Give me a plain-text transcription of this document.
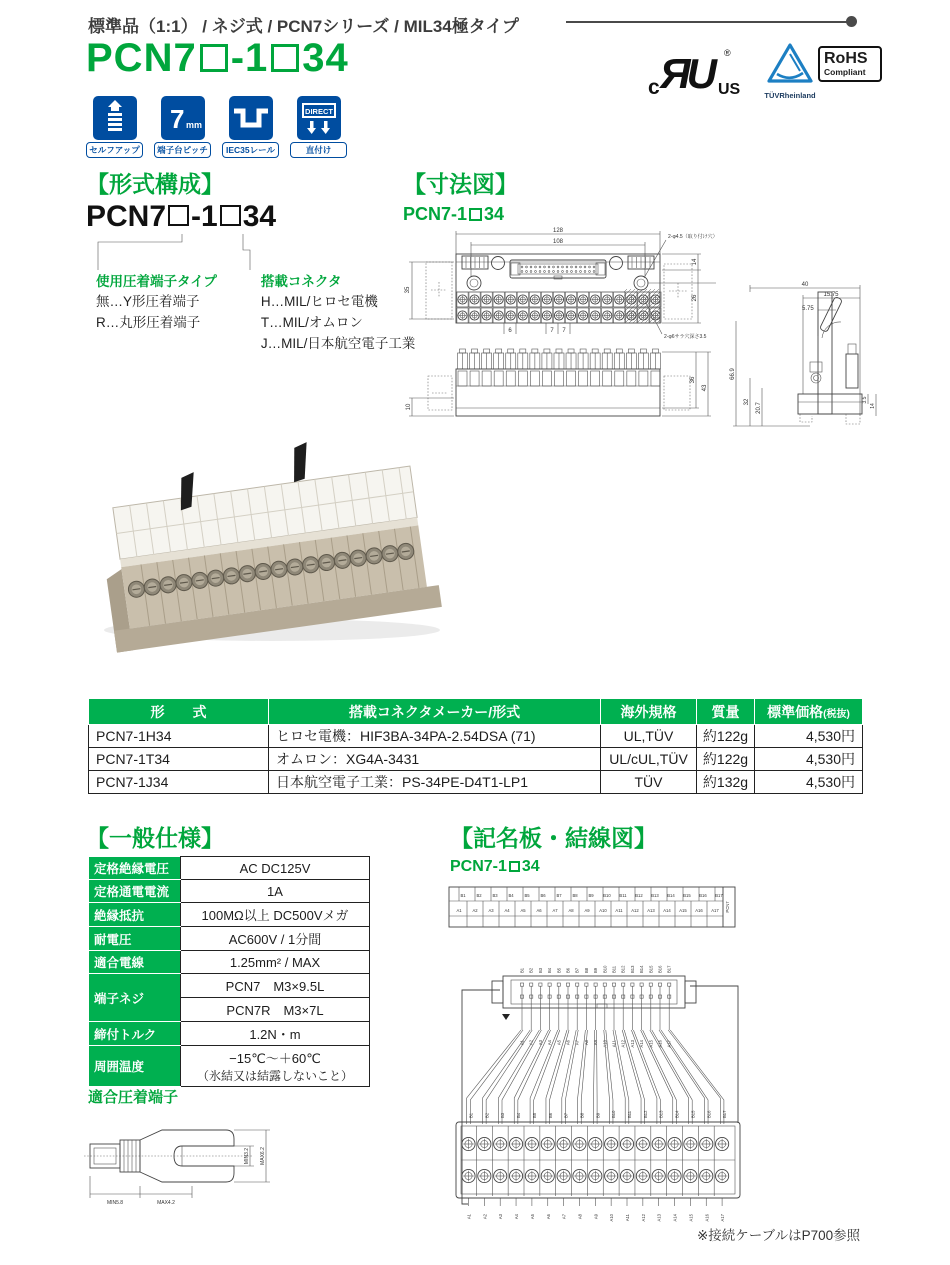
標準品（1:1） / ネジ式 / PCN7シリーズ / MIL34極タイプ
PCN7 -1 34
c ЯU	®
US	TÜVRheinland
RoHS
Compliant
セルフアップ
7 mm
端子台ピッチ	IEC35レール
DIRECT
直付け
【形式構成】
PCN7 -1 34
使用圧着端子タイプ
無…Y形圧着端子
R…丸形圧着端子
搭載コネクタ
H…MIL/ヒロセ電機
T…MIL/オムロン
J…MIL/日本航空電子工業
【寸法図】
PCN7-1 34
128
108
35
14
26
6	7 7
2-φ4.5（取り付け穴）
2-φ6サラ穴深さ3.5
10
36
43
40
15.75
5.75
66.9
32
20.7
3.5
14
形　　式	搭載コネクタメーカー/形式	海外規格	質量	標準価格(税抜)
PCN7-1H34	ヒロセ電機：HIF3BA-34PA-2.54DSA (71)	UL,TÜV	約122g	4,530円
PCN7-1T34	オムロン：XG4A-3431	UL/cUL,TÜV	約122g	4,530円
PCN7-1J34	日本航空電子工業：PS-34PE-D4T1-LP1	TÜV	約132g	4,530円
【一般仕様】
定格絶縁電圧	AC DC125V
定格通電電流	1A
絶縁抵抗	100MΩ以上 DC500Vメガ
耐電圧	AC600V / 1分間
適合電線	1.25mm² / MAX
端子ネジ	PCN7　M3×9.5L
	PCN7R　M3×7L
締付トルク	1.2N・m
周囲温度	−15℃〜＋60℃
（氷結又は結露しないこと）
適合圧着端子
MIN3.2 MAX6.2
MIN5.8	MAX4.2
【記名板・結線図】
PCN7-1 34
B1
A1
B2
A2
B3
A3
B4
A4
B5
A5
B6
A6
B7
A7
B8
A8
B9
A9
B10
A10
B11
A11
B12
A12
B13
A13
B14
A14
B15
A15
B16
A16
B17
A17 PCN7
B1
A1
B1
A1
B2
A2
B2
A2
B3
A3
B3
A3
B4
A4
B4
A4
B5
A5
B5
A5
B6
A6
B6
A6
B7
A7
B7
A7
B8
A8
B8
A8
B9
A9
B9
A9
B10
A10
B10
A10
B11
A11
B11
A11
B12
A12
B12
A12
B13
A13
B13
A13
B14
A14
B14
A14
B15
A15
B15
A15
B16
A16
B16
A16
B17
A17
B17
A17
※接続ケーブルはP700参照
